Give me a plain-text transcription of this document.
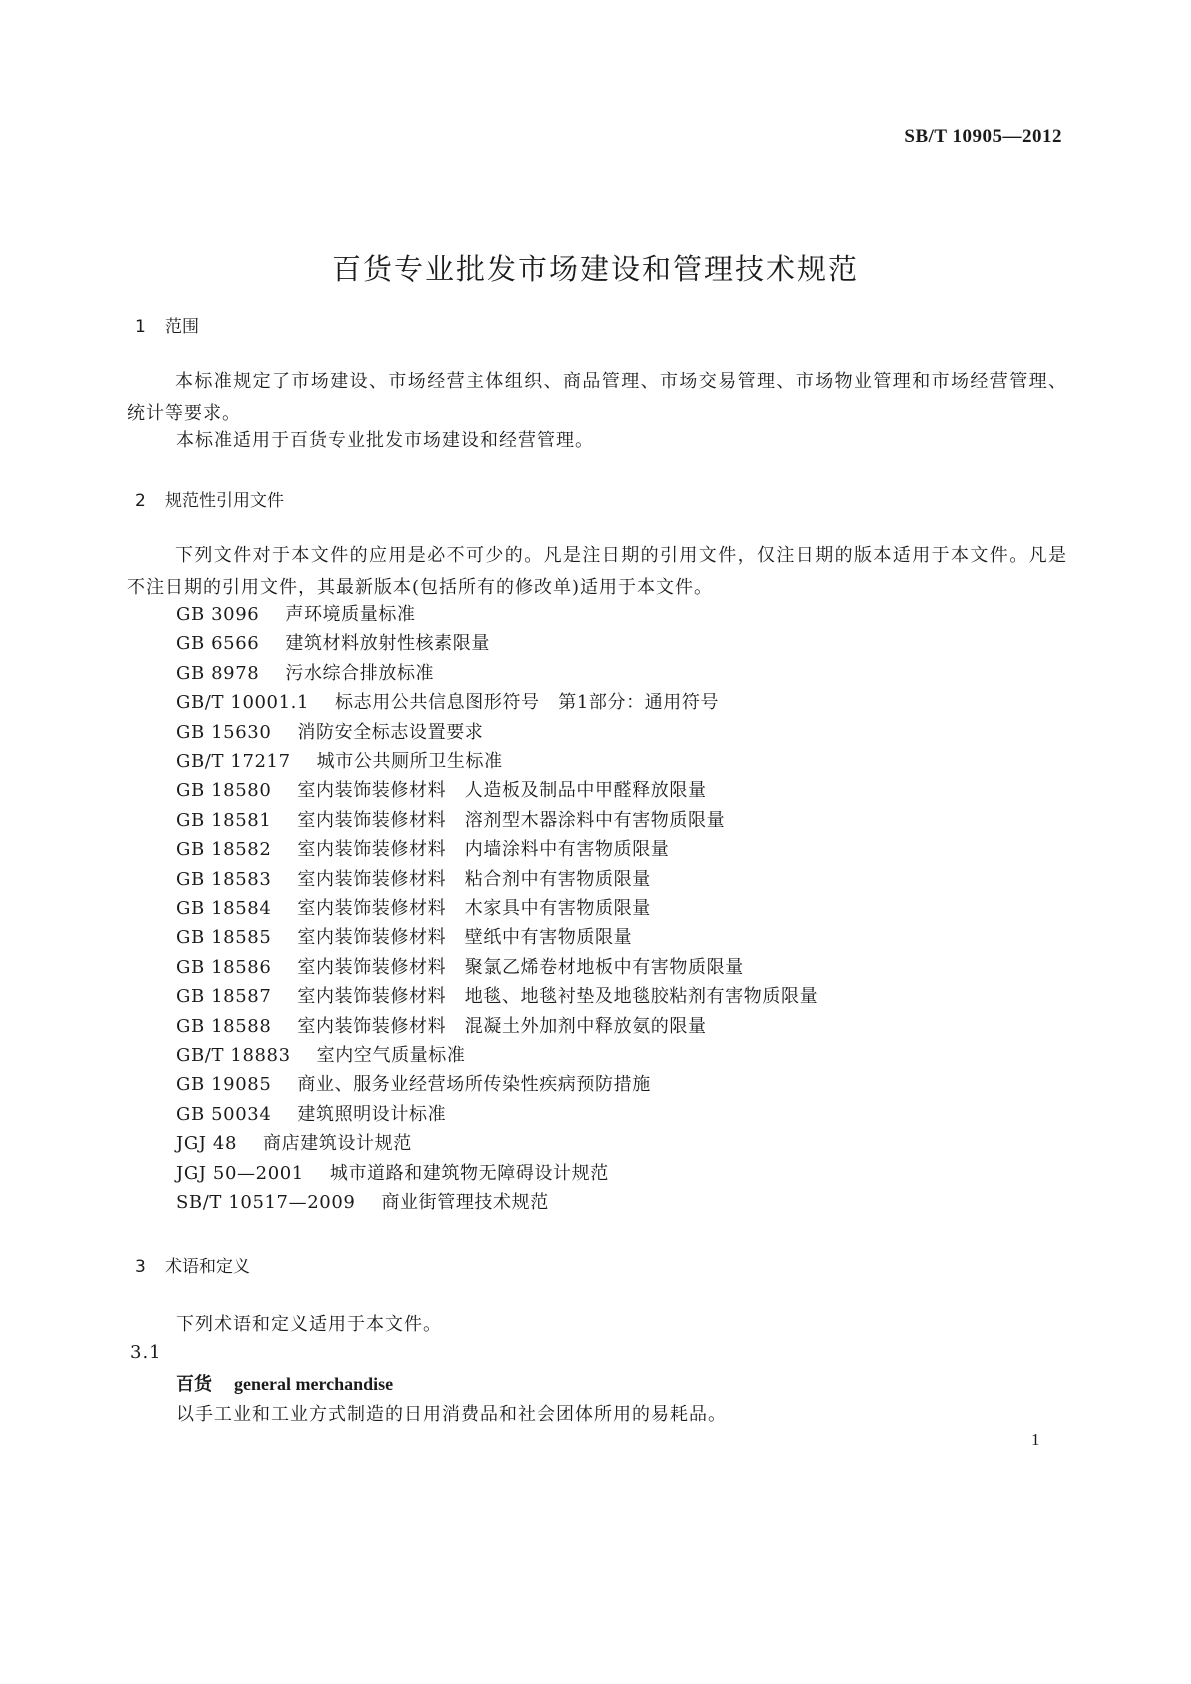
SB/T 10905—2012
百货专业批发市场建设和管理技术规范
1 范围

本标准规定了市场建设、市场经营主体组织、商品管理、市场交易管理、市场物业管理和市场经营管理、统计等要求。

本标准适用于百货专业批发市场建设和经营管理。
2 规范性引用文件

下列文件对于本文件的应用是必不可少的。凡是注日期的引用文件，仅注日期的版本适用于本文件。凡是不注日期的引用文件，其最新版本(包括所有的修改单)适用于本文件。

GB 3096 声环境质量标准
GB 6566 建筑材料放射性核素限量
GB 8978 污水综合排放标准
GB/T 10001.1 标志用公共信息图形符号　第1部分：通用符号
GB 15630 消防安全标志设置要求
GB/T 17217 城市公共厕所卫生标准
GB 18580 室内装饰装修材料　人造板及制品中甲醛释放限量
GB 18581 室内装饰装修材料　溶剂型木器涂料中有害物质限量
GB 18582 室内装饰装修材料　内墙涂料中有害物质限量
GB 18583 室内装饰装修材料　粘合剂中有害物质限量
GB 18584 室内装饰装修材料　木家具中有害物质限量
GB 18585 室内装饰装修材料　壁纸中有害物质限量
GB 18586 室内装饰装修材料　聚氯乙烯卷材地板中有害物质限量
GB 18587 室内装饰装修材料　地毯、地毯衬垫及地毯胶粘剂有害物质限量
GB 18588 室内装饰装修材料　混凝土外加剂中释放氨的限量
GB/T 18883 室内空气质量标准
GB 19085 商业、服务业经营场所传染性疾病预防措施
GB 50034 建筑照明设计标准
JGJ 48 商店建筑设计规范
JGJ 50—2001 城市道路和建筑物无障碍设计规范
SB/T 10517—2009 商业街管理技术规范
3 术语和定义
下列术语和定义适用于本文件。
3.1
百货 general merchandise
以手工业和工业方式制造的日用消费品和社会团体所用的易耗品。
1
